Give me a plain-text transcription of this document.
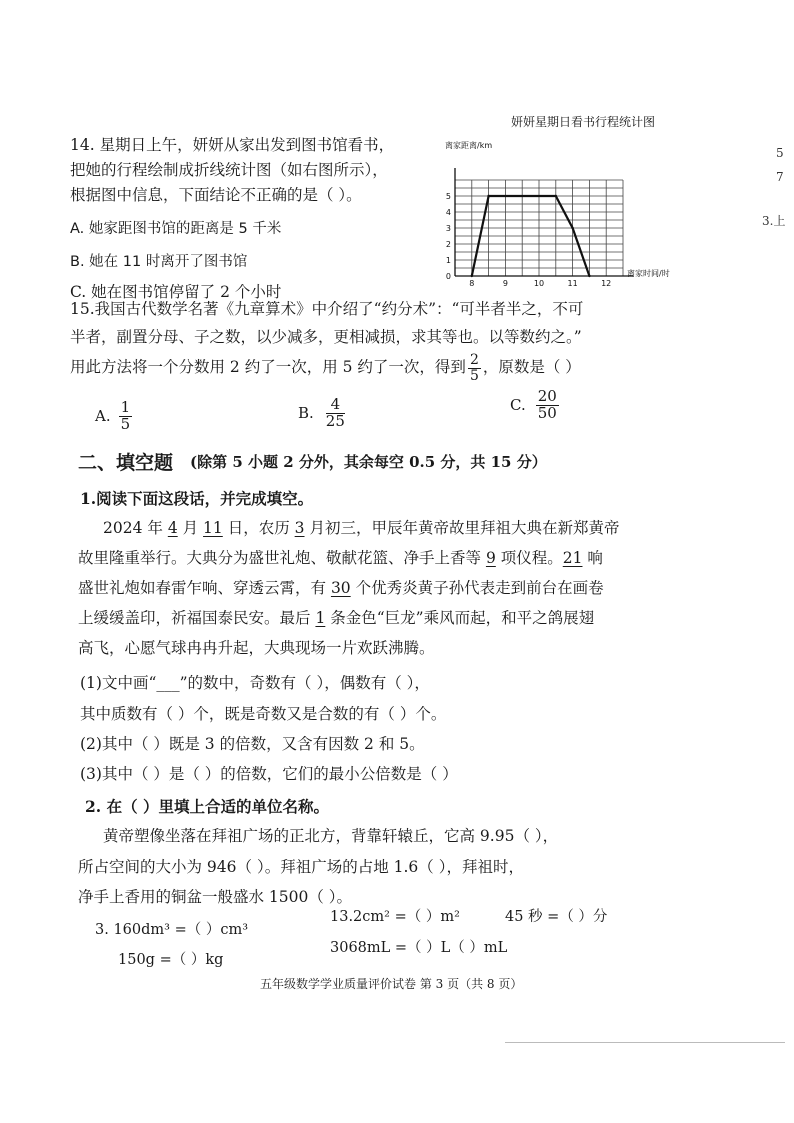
14. 星期日上午，妍妍从家出发到图书馆看书，
把她的行程绘制成折线统计图（如右图所示），
根据图中信息，下面结论不正确的是（ ）。
A. 她家距图书馆的距离是 5 千米
B. 她在 11 时离开了图书馆
C. 她在图书馆停留了 2 个小时
妍妍星期日看书行程统计图
离家距离/km
离家时间/时
0
1
2
3
4
5
8	9	10	11	12
15.我国古代数学名著《九章算术》中介绍了“约分术”：“可半者半之，不可
半者，副置分母、子之数，以少减多，更相减损，求其等也。以等数约之。”
用此方法将一个分数用 2 约了一次，用 5 约了一次，得到 $\frac{2}{5}$ ，原数是（ ）
A. $\frac{1}{5}$	B. $\frac{4}{25}$	C. $\frac{20}{50}$
二、填空题 (除第 5 小题 2 分外，其余每空 0.5 分，共 15 分）
1.阅读下面这段话，并完成填空。
2024 年 4 月 11 日，农历 3 月初三，甲辰年黄帝故里拜祖大典在新郑黄帝
故里隆重举行。大典分为盛世礼炮、敬献花篮、净手上香等 9 项仪程。21 响
盛世礼炮如春雷乍响、穿透云霄，有 30 个优秀炎黄子孙代表走到前台在画卷
上缓缓盖印，祈福国泰民安。最后 1 条金色“巨龙”乘风而起，和平之鸽展翅
高飞，心愿气球冉冉升起，大典现场一片欢跃沸腾。
(1)文中画“___”的数中，奇数有（ ），偶数有（ ），
其中质数有（ ）个，既是奇数又是合数的有（ ）个。
(2)其中（ ）既是 3 的倍数，又含有因数 2 和 5。
(3)其中（ ）是（ ）的倍数，它们的最小公倍数是（ ）
2. 在（ ）里填上合适的单位名称。
黄帝塑像坐落在拜祖广场的正北方，背靠轩辕丘，它高 9.95（ ），
所占空间的大小为 946（ ）。拜祖广场的占地 1.6（ ），拜祖时，
净手上香用的铜盆一般盛水 1500（ ）。
3. 160dm³ =（ ）cm³
13.2cm² =（ ）m²	45 秒 =（ ）分
3068mL =（ ）L（ ）mL
150g =（ ）kg
五年级数学学业质量评价试卷 第 3 页（共 8 页）
5
7
3.上
